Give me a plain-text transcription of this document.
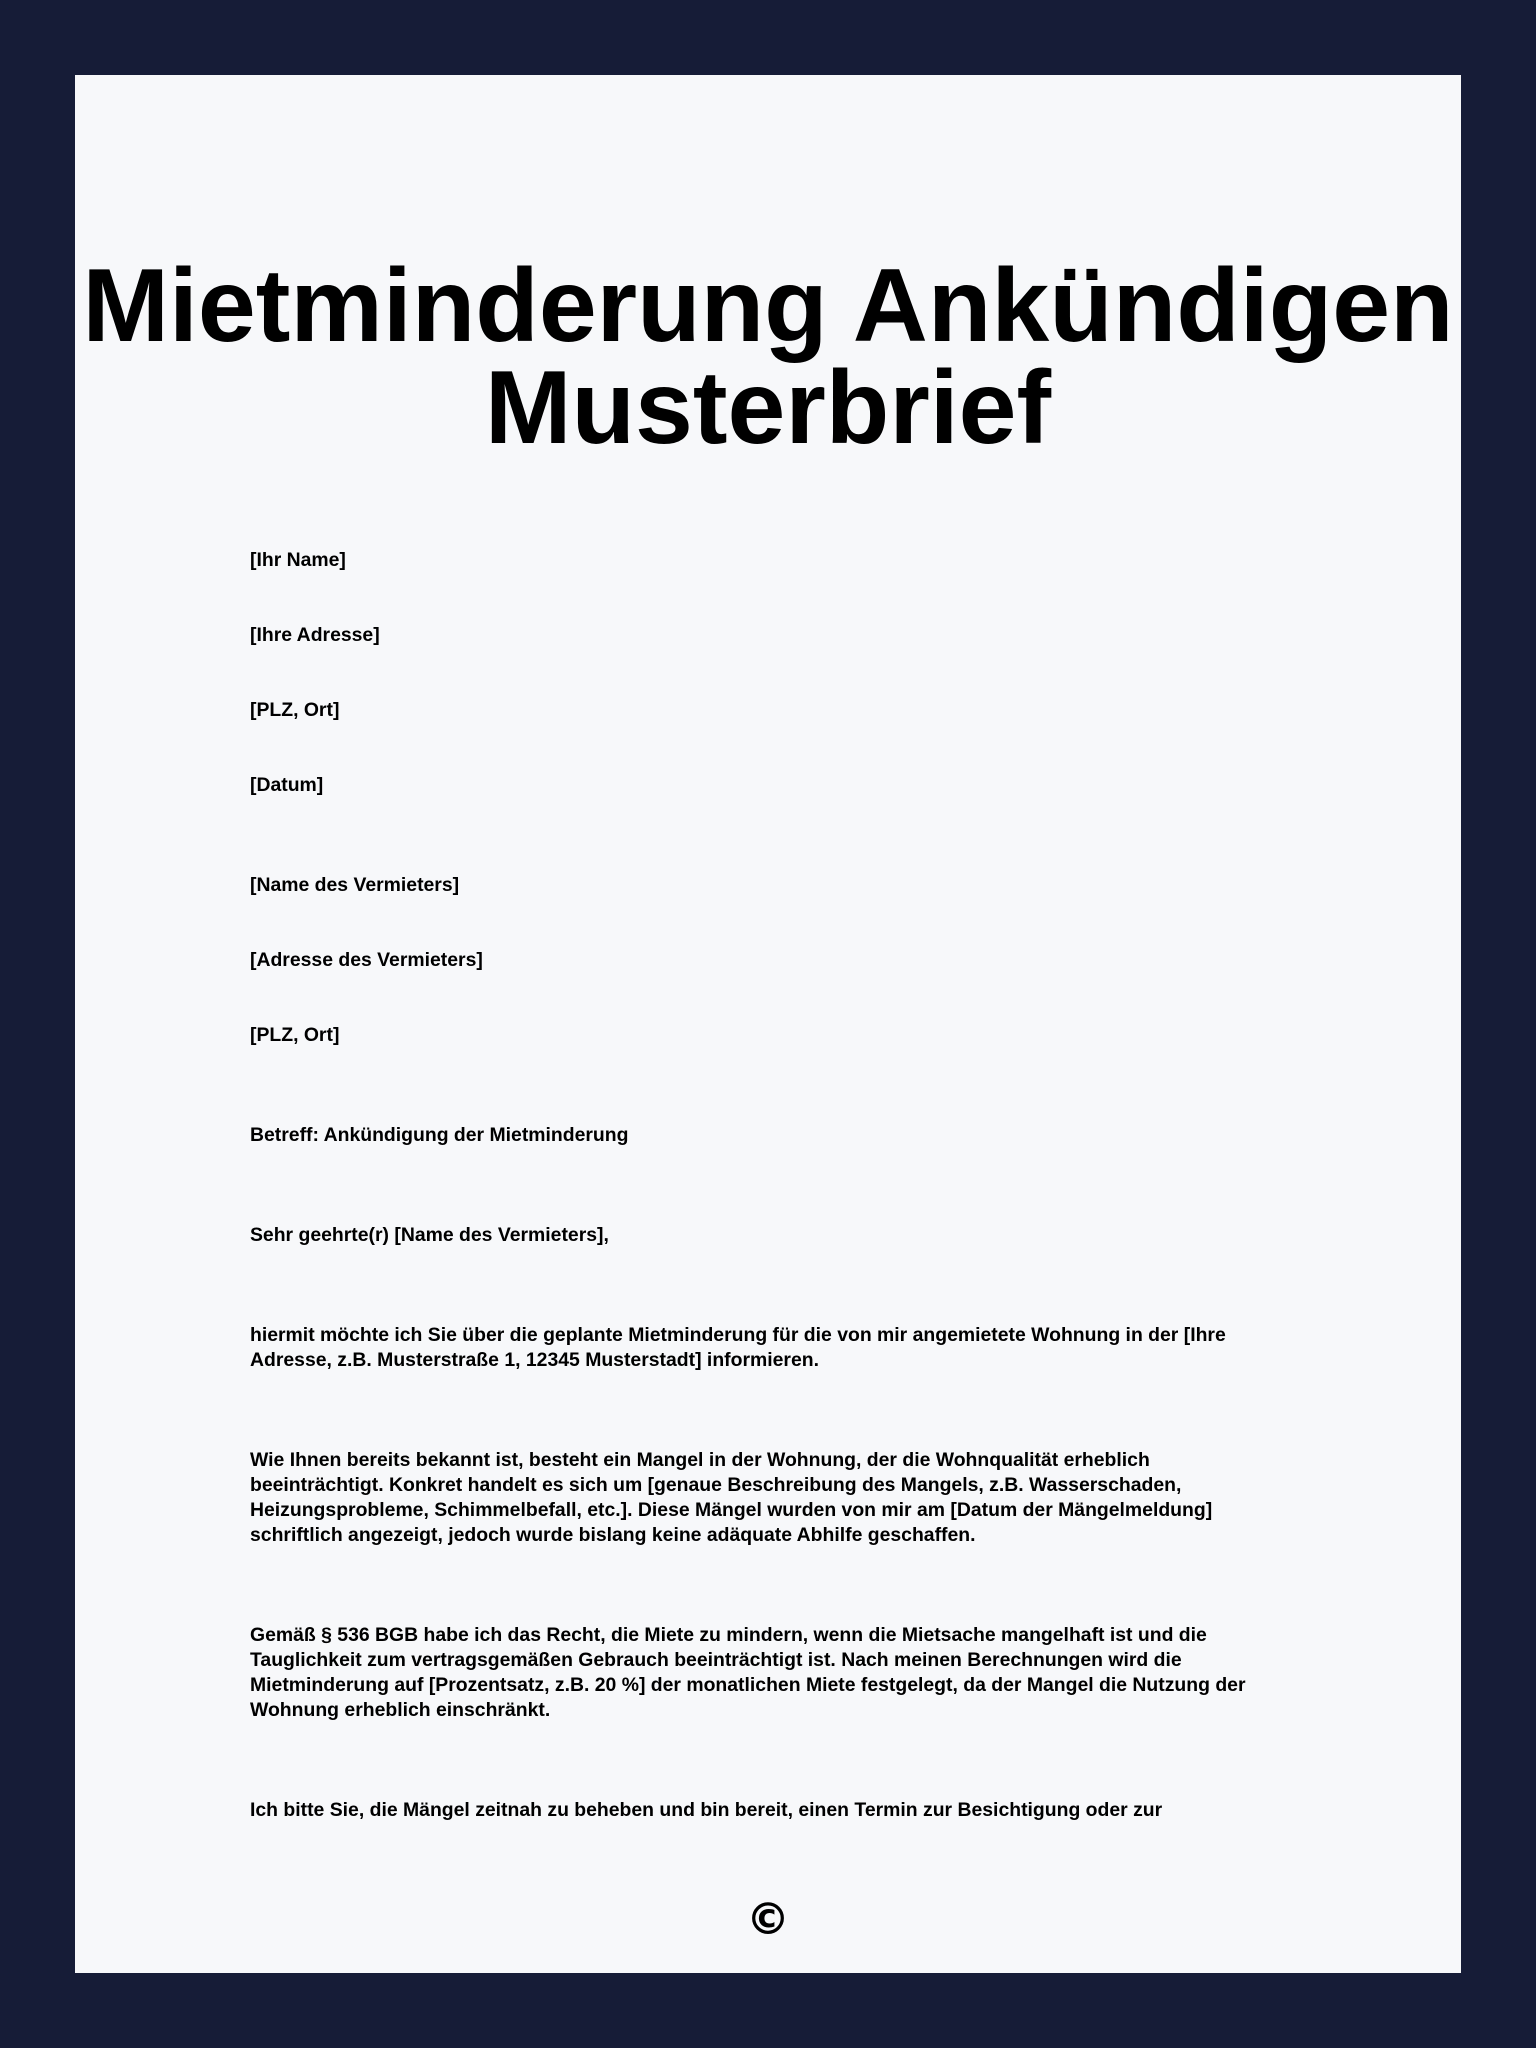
Mietminderung Ankündigen
Musterbrief

[Ihr Name]

[Ihre Adresse]

[PLZ, Ort]

[Datum]

[Name des Vermieters]

[Adresse des Vermieters]

[PLZ, Ort]

Betreff: Ankündigung der Mietminderung

Sehr geehrte(r) [Name des Vermieters],

hiermit möchte ich Sie über die geplante Mietminderung für die von mir angemietete Wohnung in der [Ihre Adresse, z.B. Musterstraße 1, 12345 Musterstadt] informieren.

Wie Ihnen bereits bekannt ist, besteht ein Mangel in der Wohnung, der die Wohnqualität erheblich beeinträchtigt. Konkret handelt es sich um [genaue Beschreibung des Mangels, z.B. Wasserschaden, Heizungsprobleme, Schimmelbefall, etc.]. Diese Mängel wurden von mir am [Datum der Mängelmeldung] schriftlich angezeigt, jedoch wurde bislang keine adäquate Abhilfe geschaffen.

Gemäß § 536 BGB habe ich das Recht, die Miete zu mindern, wenn die Mietsache mangelhaft ist und die Tauglichkeit zum vertragsgemäßen Gebrauch beeinträchtigt ist. Nach meinen Berechnungen wird die Mietminderung auf [Prozentsatz, z.B. 20 %] der monatlichen Miete festgelegt, da der Mangel die Nutzung der Wohnung erheblich einschränkt.

Ich bitte Sie, die Mängel zeitnah zu beheben und bin bereit, einen Termin zur Besichtigung oder zur

©
